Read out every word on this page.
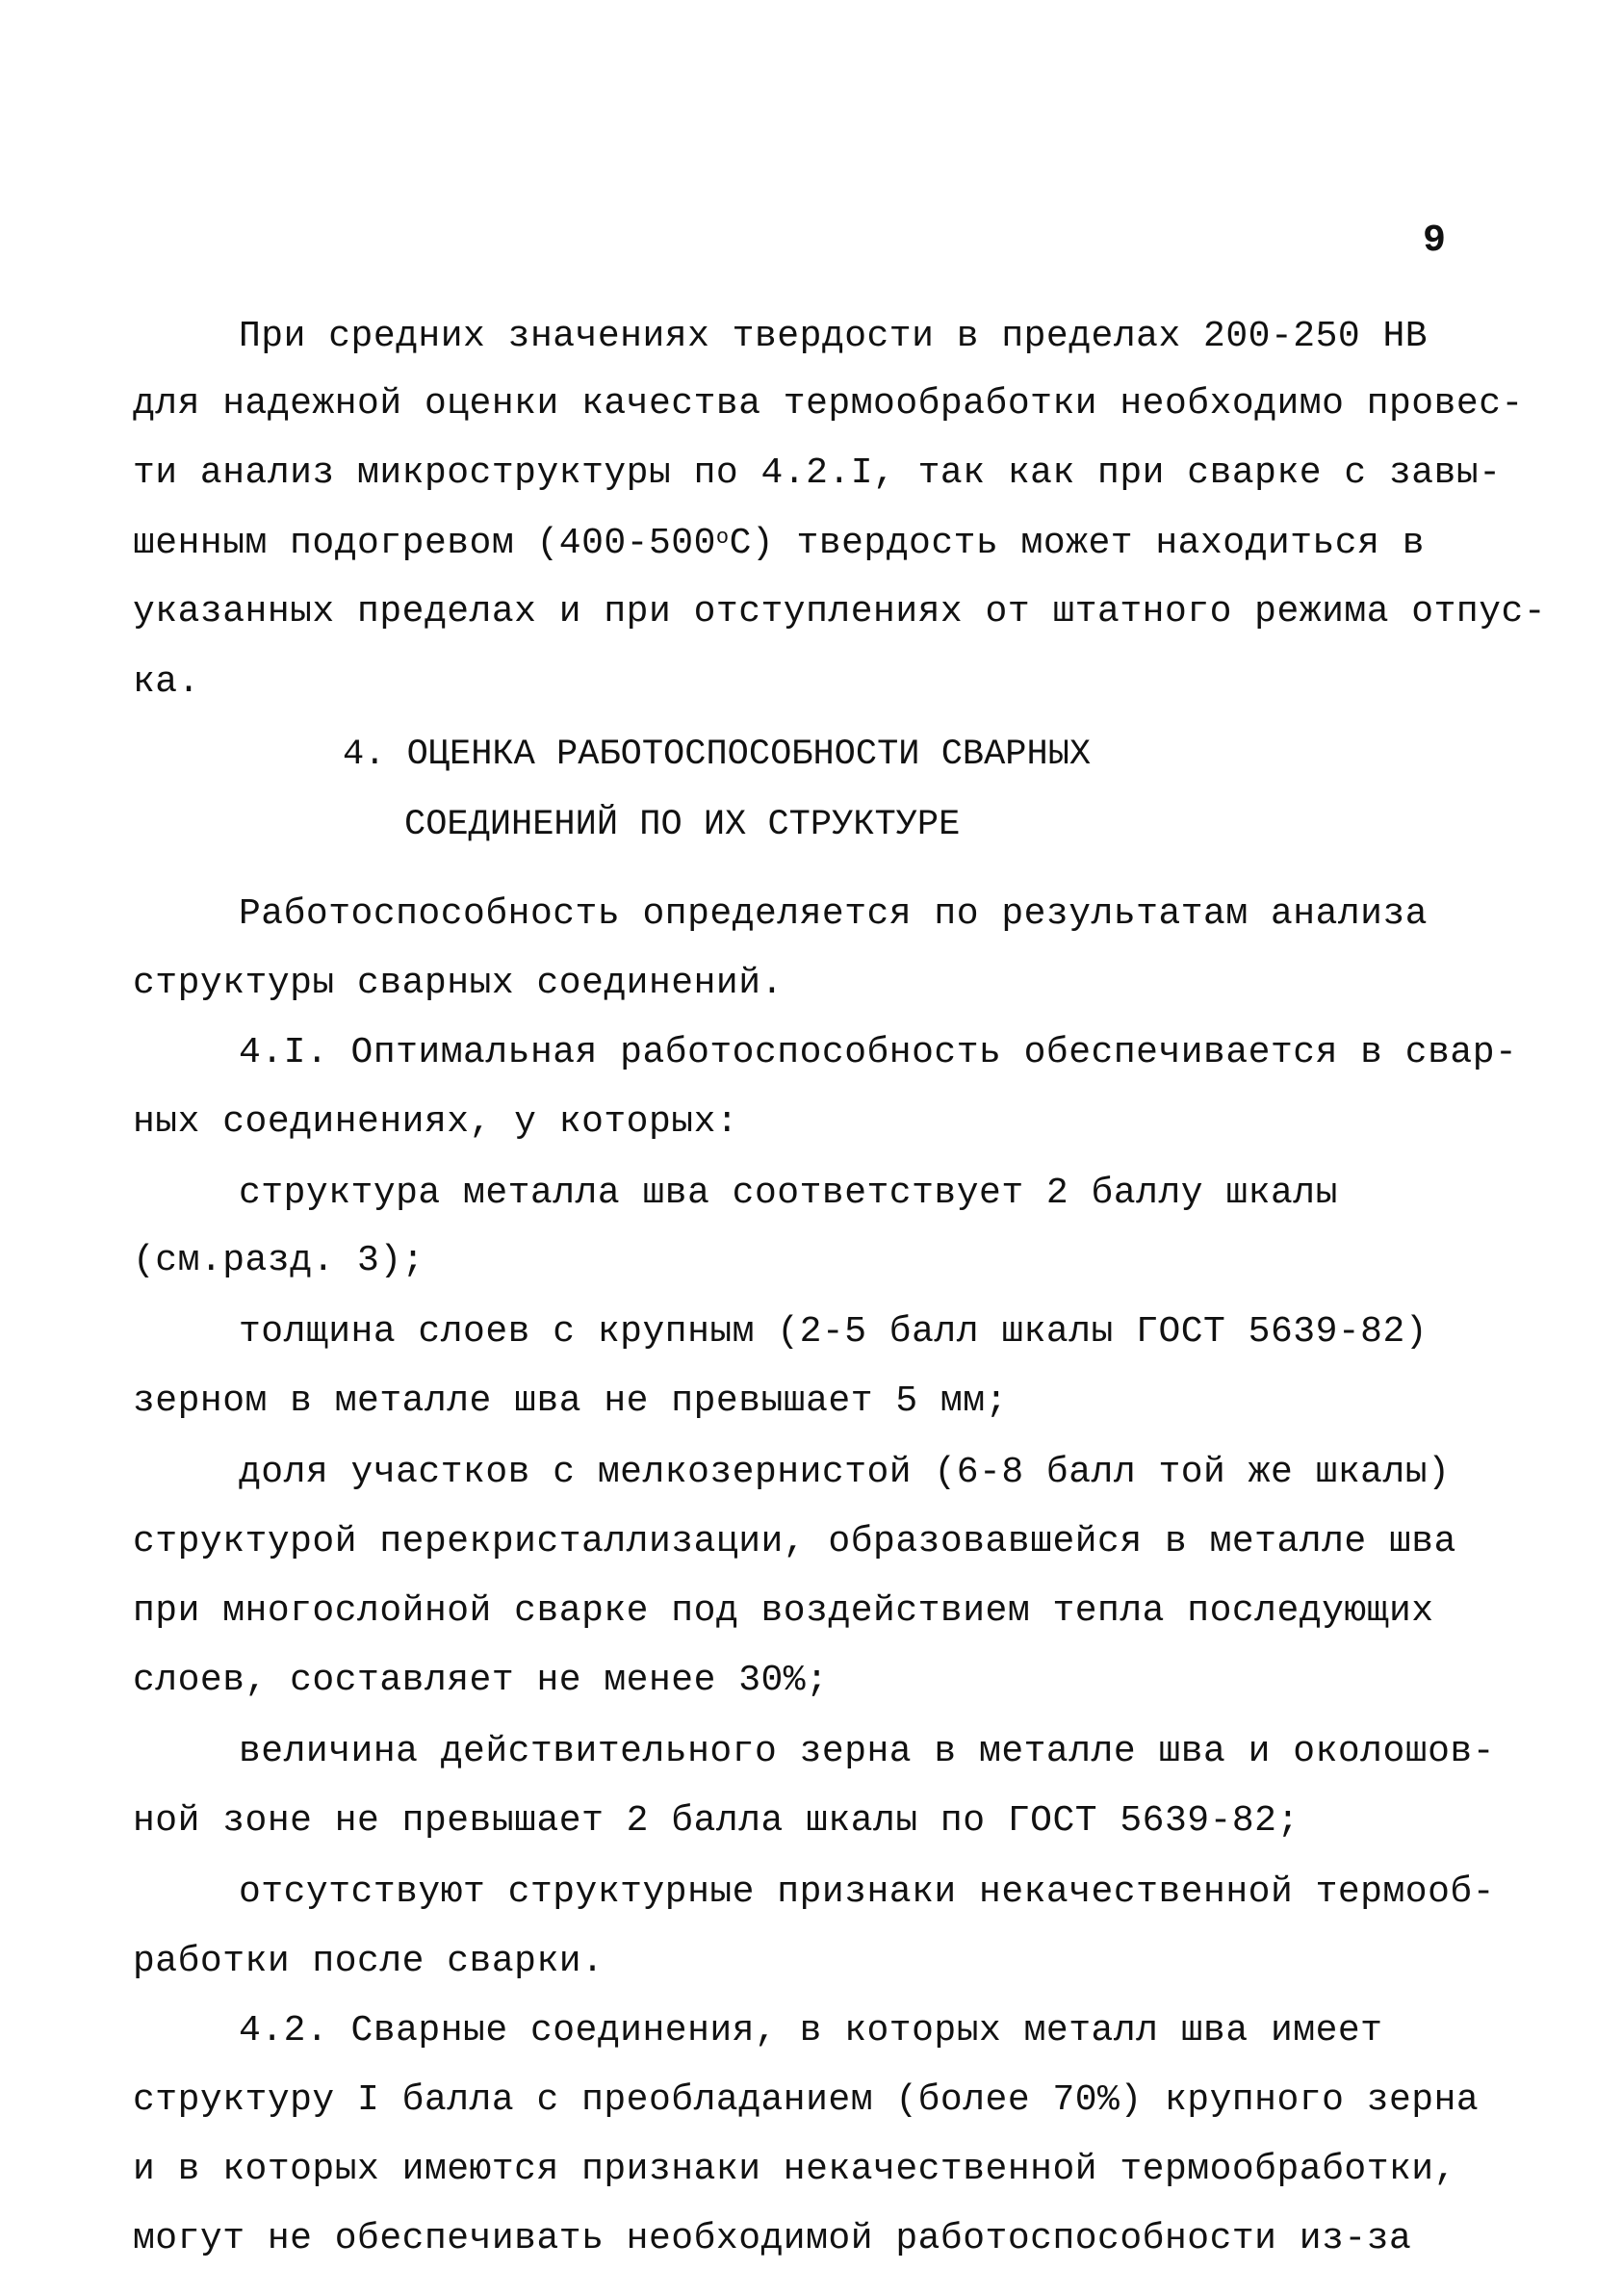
9
При средних значениях твердости в пределах 200-250 НВ
для надежной оценки качества термообработки необходимо провес-
ти анализ микроструктуры по 4.2.I, так как при сварке с завы-
шенным подогревом $(400-500^оС)$ твердость может находиться в
указанных пределах и при отступлениях от штатного режима отпус-
ка.
4. ОЦЕНКА РАБОТОСПОСОБНОСТИ СВАРНЫХ
СОЕДИНЕНИЙ ПО ИХ СТРУКТУРЕ
Работоспособность определяется по результатам анализа
структуры сварных соединений.
4.I. Оптимальная работоспособность обеспечивается в свар-
ных соединениях, у которых:
структура металла шва соответствует 2 баллу шкалы
(см.разд. 3);
толщина слоев с крупным (2-5 балл шкалы ГОСТ 5639-82)
зерном в металле шва не превышает 5 мм;
доля участков с мелкозернистой (6-8 балл той же шкалы)
структурой перекристаллизации, образовавшейся в металле шва
при многослойной сварке под воздействием тепла последующих
слоев, составляет не менее 30%;
величина действительного зерна в металле шва и околошов-
ной зоне не превышает 2 балла шкалы по ГОСТ 5639-82;
отсутствуют структурные признаки некачественной термооб-
работки после сварки.
4.2. Сварные соединения, в которых металл шва имеет
структуру I балла с преобладанием (более 70%) крупного зерна
и в которых имеются признаки некачественной термообработки,
могут не обеспечивать необходимой работоспособности из-за
